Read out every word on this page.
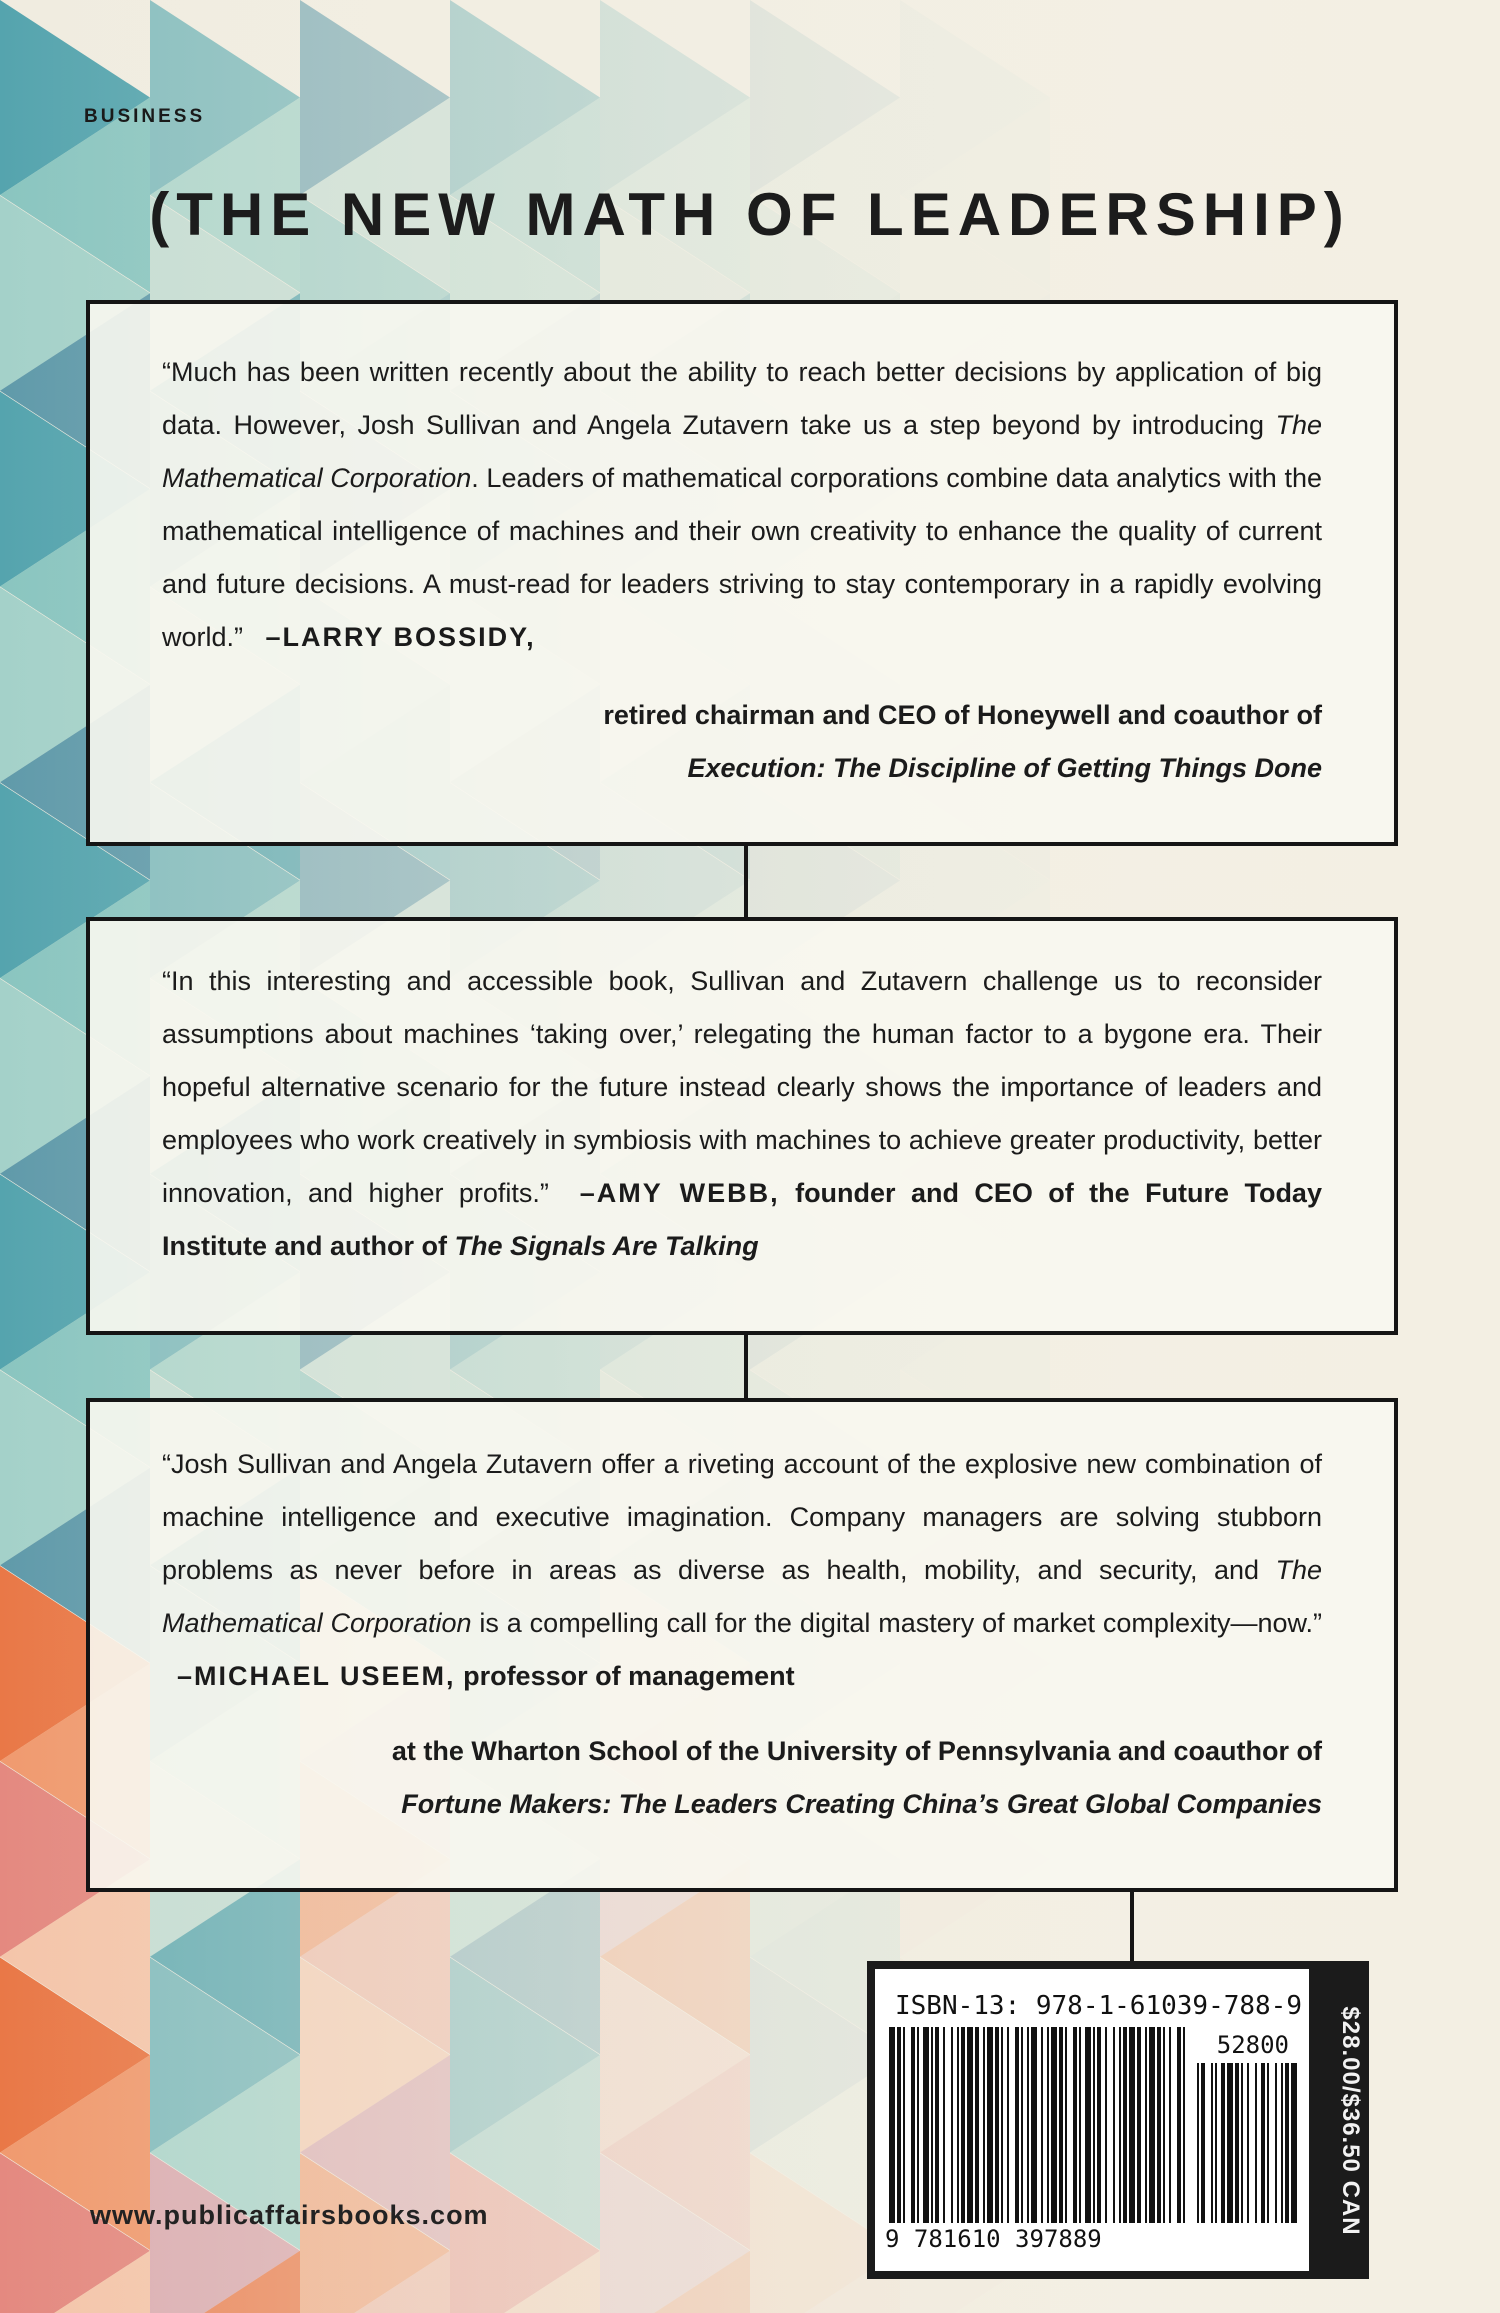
BUSINESS
(THE NEW MATH OF LEADERSHIP)
“Much has been written recently about the ability to reach better decisions by application of big data. However, Josh Sullivan and Angela Zutavern take us a step beyond by introducing The Mathematical Corporation. Leaders of mathematical corporations combine data analytics with the mathematical intelligence of machines and their own creativity to enhance the quality of current and future decisions. A must-read for leaders striving to stay contemporary in a rapidly evolving world.” –LARRY BOSSIDY,
retired chairman and CEO of Honeywell and coauthor of
Execution: The Discipline of Getting Things Done
“In this interesting and accessible book, Sullivan and Zutavern challenge us to reconsider assumptions about machines ‘taking over,’ relegating the human factor to a bygone era. Their hopeful alternative scenario for the future instead clearly shows the importance of leaders and employees who work creatively in symbiosis with machines to achieve greater productivity, better innovation, and higher profits.” –AMY WEBB, founder and CEO of the Future Today Institute and author of The Signals Are Talking
“Josh Sullivan and Angela Zutavern offer a riveting account of the explosive new combination of machine intelligence and executive imagination. Company managers are solving stubborn problems as never before in areas as diverse as health, mobility, and security, and The Mathematical Corporation is a compelling call for the digital mastery of market complexity—now.”   –MICHAEL USEEM, professor of management
at the Wharton School of the University of Pennsylvania and coauthor of
Fortune Makers: The Leaders Creating China’s Great Global Companies
ISBN-13: 978-1-61039-788-9
52800
9 781610 397889
$28.00/$36.50 CAN
www.publicaffairsbooks.com
